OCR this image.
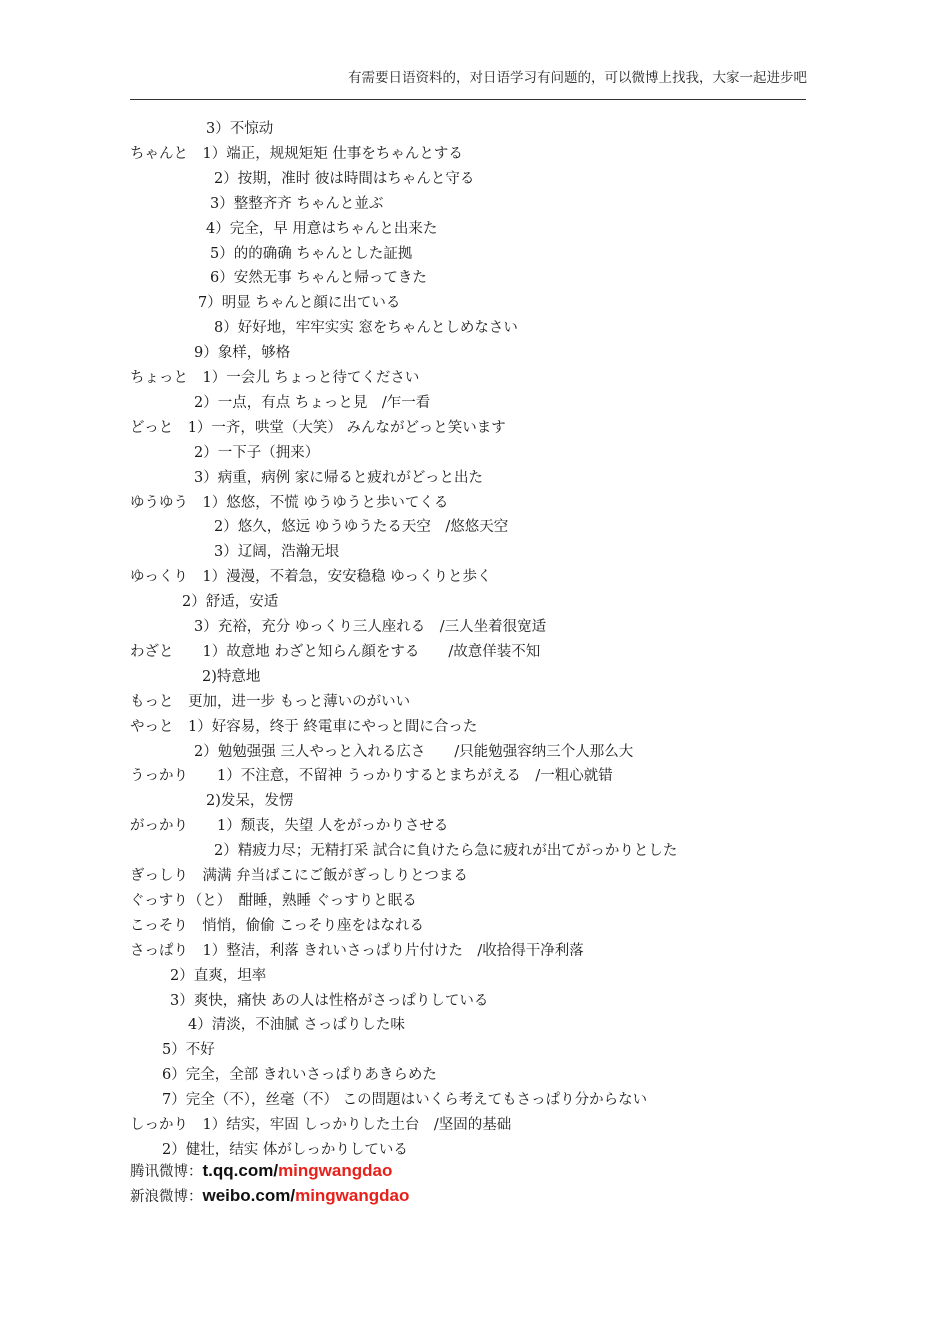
有需要日语资料的，对日语学习有问题的，可以微博上找我，大家一起进步吧
3）不惊动
ちゃんと　1）端正，规规矩矩 仕事をちゃんとする
2）按期，准时 彼は時間はちゃんと守る
3）整整齐齐 ちゃんと並ぶ
4）完全，早 用意はちゃんと出来た
5）的的确确 ちゃんとした証拠
6）安然无事 ちゃんと帰ってきた
7）明显 ちゃんと顔に出ている
8）好好地，牢牢实实 窓をちゃんとしめなさい
9）象样，够格
ちょっと　1）一会儿 ちょっと待てください
2）一点，有点 ちょっと見　/乍一看
どっと　1）一齐，哄堂（大笑） みんながどっと笑います
2）一下子（拥来）
3）病重，病例 家に帰ると疲れがどっと出た
ゆうゆう　1）悠悠，不慌 ゆうゆうと歩いてくる
2）悠久，悠远 ゆうゆうたる天空　/悠悠天空
3）辽阔，浩瀚无垠
ゆっくり　1）漫漫，不着急，安安稳稳 ゆっくりと歩く
2）舒适，安适
3）充裕，充分 ゆっくり三人座れる　/三人坐着很宽适
わざと　　1）故意地 わざと知らん顔をする　　/故意佯装不知
2)特意地
もっと　更加，进一步 もっと薄いのがいい
やっと　1）好容易，终于 終電車にやっと間に合った
2）勉勉强强 三人やっと入れる広さ　　/只能勉强容纳三个人那么大
うっかり　　1）不注意，不留神 うっかりするとまちがえる　/一粗心就错
2)发呆，发愣
がっかり　　1）颓丧，失望 人をがっかりさせる
2）精疲力尽；无精打采 試合に負けたら急に疲れが出てがっかりとした
ぎっしり　满满 弁当ばこにご飯がぎっしりとつまる
ぐっすり（と）　酣睡，熟睡 ぐっすりと眠る
こっそり　悄悄，偷偷 こっそり座をはなれる
さっぱり　1）整洁，利落 きれいさっぱり片付けた　/收拾得干净利落
2）直爽，坦率
3）爽快，痛快 あの人は性格がさっぱりしている
4）清淡，不油腻 さっぱりした味
5）不好
6）完全，全部 きれいさっぱりあきらめた
7）完全（不），丝毫（不） この問題はいくら考えてもさっぱり分からない
しっかり　1）结实，牢固 しっかりした土台　/坚固的基础
2）健壮，结实 体がしっかりしている
腾讯微博：t.qq.com/mingwangdao
新浪微博：weibo.com/mingwangdao
